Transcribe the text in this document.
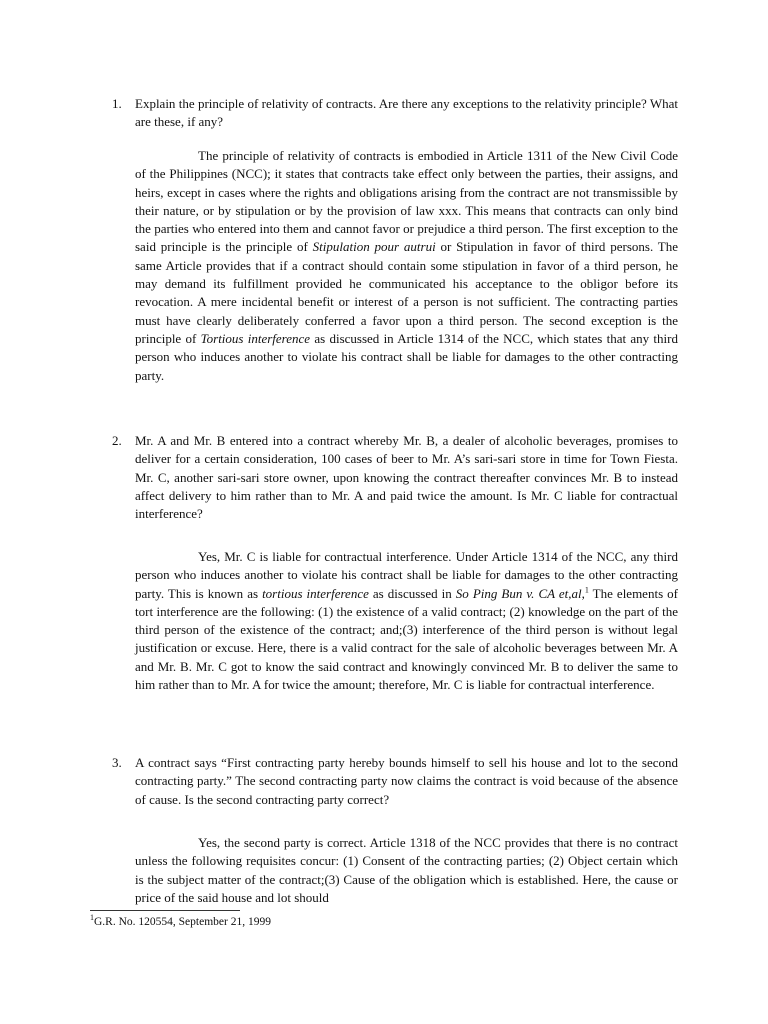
1. Explain the principle of relativity of contracts. Are there any exceptions to the relativity principle? What are these, if any?

The principle of relativity of contracts is embodied in Article 1311 of the New Civil Code of the Philippines (NCC); it states that contracts take effect only between the parties, their assigns, and heirs, except in cases where the rights and obligations arising from the contract are not transmissible by their nature, or by stipulation or by the provision of law xxx. This means that contracts can only bind the parties who entered into them and cannot favor or prejudice a third person. The first exception to the said principle is the principle of Stipulation pour autrui or Stipulation in favor of third persons. The same Article provides that if a contract should contain some stipulation in favor of a third person, he may demand its fulfillment provided he communicated his acceptance to the obligor before its revocation. A mere incidental benefit or interest of a person is not sufficient. The contracting parties must have clearly deliberately conferred a favor upon a third person. The second exception is the principle of Tortious interference as discussed in Article 1314 of the NCC, which states that any third person who induces another to violate his contract shall be liable for damages to the other contracting party.

2. Mr. A and Mr. B entered into a contract whereby Mr. B, a dealer of alcoholic beverages, promises to deliver for a certain consideration, 100 cases of beer to Mr. A’s sari-sari store in time for Town Fiesta. Mr. C, another sari-sari store owner, upon knowing the contract thereafter convinces Mr. B to instead affect delivery to him rather than to Mr. A and paid twice the amount. Is Mr. C liable for contractual interference?

Yes, Mr. C is liable for contractual interference. Under Article 1314 of the NCC, any third person who induces another to violate his contract shall be liable for damages to the other contracting party. This is known as tortious interference as discussed in So Ping Bun v. CA et,al,$^1$ The elements of tort interference are the following: (1) the existence of a valid contract; (2) knowledge on the part of the third person of the existence of the contract; and;(3) interference of the third person is without legal justification or excuse. Here, there is a valid contract for the sale of alcoholic beverages between Mr. A and Mr. B. Mr. C got to know the said contract and knowingly convinced Mr. B to deliver the same to him rather than to Mr. A for twice the amount; therefore, Mr. C is liable for contractual interference.

3. A contract says “First contracting party hereby bounds himself to sell his house and lot to the second contracting party.” The second contracting party now claims the contract is void because of the absence of cause. Is the second contracting party correct?

Yes, the second party is correct. Article 1318 of the NCC provides that there is no contract unless the following requisites concur: (1) Consent of the contracting parties; (2) Object certain which is the subject matter of the contract;(3) Cause of the obligation which is established. Here, the cause or price of the said house and lot should

$^1$G.R. No. 120554, September 21, 1999
